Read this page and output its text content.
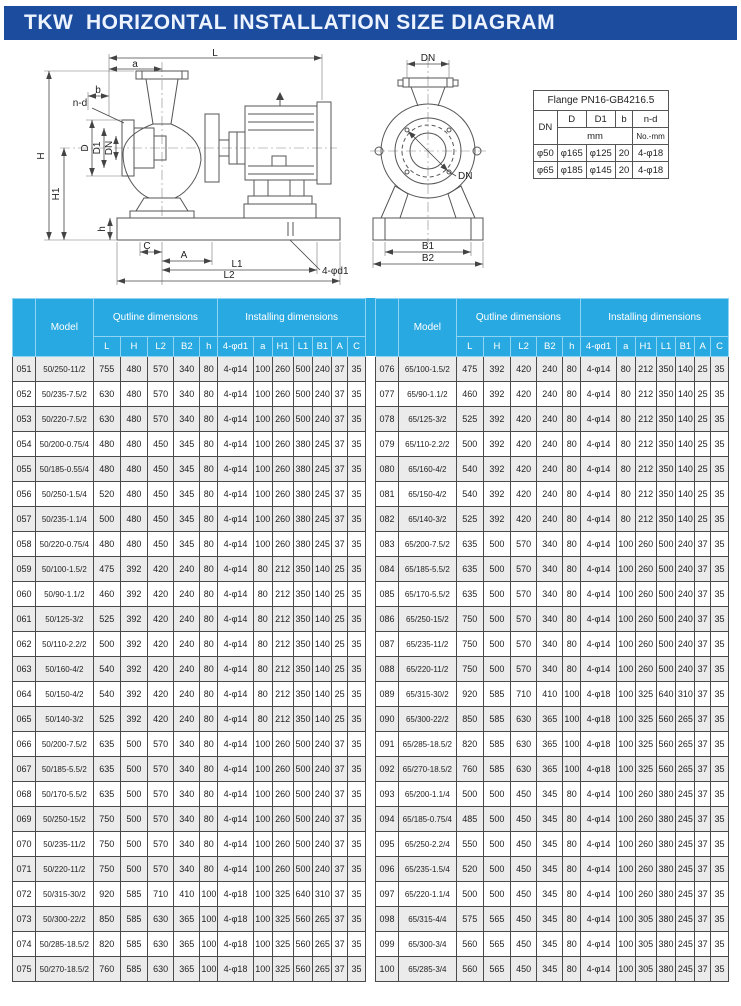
TKW  HORIZONTAL INSTALLATION SIZE DIAGRAM
L
a
b
n-d
H
H1
D D1 DN
h
C
A
L1
L2	4-φd1
DN
DN
B1
B2
Flange PN16-GB4216.5				
DN	D	D1	b	n-d
	mm			No.-mm
φ50	φ165	φ125	20	4-φ18
φ65	φ185	φ145	20	4-φ18
	Model	Qutline dimensions					Installing dimensions						
		L	H	L2	B2	h	4-φd1	a	H1	L1	B1	A	C
051	50/250-11/2	755	480	570	340	80	4-φ14	100	260	500	240	37	35
052	50/235-7.5/2	630	480	570	340	80	4-φ14	100	260	500	240	37	35
053	50/220-7.5/2	630	480	570	340	80	4-φ14	100	260	500	240	37	35
054	50/200-0.75/4	480	480	450	345	80	4-φ14	100	260	380	245	37	35
055	50/185-0.55/4	480	480	450	345	80	4-φ14	100	260	380	245	37	35
056	50/250-1.5/4	520	480	450	345	80	4-φ14	100	260	380	245	37	35
057	50/235-1.1/4	500	480	450	345	80	4-φ14	100	260	380	245	37	35
058	50/220-0.75/4	480	480	450	345	80	4-φ14	100	260	380	245	37	35
059	50/100-1.5/2	475	392	420	240	80	4-φ14	80	212	350	140	25	35
060	50/90-1.1/2	460	392	420	240	80	4-φ14	80	212	350	140	25	35
061	50/125-3/2	525	392	420	240	80	4-φ14	80	212	350	140	25	35
062	50/110-2.2/2	500	392	420	240	80	4-φ14	80	212	350	140	25	35
063	50/160-4/2	540	392	420	240	80	4-φ14	80	212	350	140	25	35
064	50/150-4/2	540	392	420	240	80	4-φ14	80	212	350	140	25	35
065	50/140-3/2	525	392	420	240	80	4-φ14	80	212	350	140	25	35
066	50/200-7.5/2	635	500	570	340	80	4-φ14	100	260	500	240	37	35
067	50/185-5.5/2	635	500	570	340	80	4-φ14	100	260	500	240	37	35
068	50/170-5.5/2	635	500	570	340	80	4-φ14	100	260	500	240	37	35
069	50/250-15/2	750	500	570	340	80	4-φ14	100	260	500	240	37	35
070	50/235-11/2	750	500	570	340	80	4-φ14	100	260	500	240	37	35
071	50/220-11/2	750	500	570	340	80	4-φ14	100	260	500	240	37	35
072	50/315-30/2	920	585	710	410	100	4-φ18	100	325	640	310	37	35
073	50/300-22/2	850	585	630	365	100	4-φ18	100	325	560	265	37	35
074	50/285-18.5/2	820	585	630	365	100	4-φ18	100	325	560	265	37	35
075	50/270-18.5/2	760	585	630	365	100	4-φ18	100	325	560	265	37	35
	Model	Qutline dimensions					Installing dimensions						
		L	H	L2	B2	h	4-φd1	a	H1	L1	B1	A	C
076	65/100-1.5/2	475	392	420	240	80	4-φ14	80	212	350	140	25	35
077	65/90-1.1/2	460	392	420	240	80	4-φ14	80	212	350	140	25	35
078	65/125-3/2	525	392	420	240	80	4-φ14	80	212	350	140	25	35
079	65/110-2.2/2	500	392	420	240	80	4-φ14	80	212	350	140	25	35
080	65/160-4/2	540	392	420	240	80	4-φ14	80	212	350	140	25	35
081	65/150-4/2	540	392	420	240	80	4-φ14	80	212	350	140	25	35
082	65/140-3/2	525	392	420	240	80	4-φ14	80	212	350	140	25	35
083	65/200-7.5/2	635	500	570	340	80	4-φ14	100	260	500	240	37	35
084	65/185-5.5/2	635	500	570	340	80	4-φ14	100	260	500	240	37	35
085	65/170-5.5/2	635	500	570	340	80	4-φ14	100	260	500	240	37	35
086	65/250-15/2	750	500	570	340	80	4-φ14	100	260	500	240	37	35
087	65/235-11/2	750	500	570	340	80	4-φ14	100	260	500	240	37	35
088	65/220-11/2	750	500	570	340	80	4-φ14	100	260	500	240	37	35
089	65/315-30/2	920	585	710	410	100	4-φ18	100	325	640	310	37	35
090	65/300-22/2	850	585	630	365	100	4-φ18	100	325	560	265	37	35
091	65/285-18.5/2	820	585	630	365	100	4-φ18	100	325	560	265	37	35
092	65/270-18.5/2	760	585	630	365	100	4-φ18	100	325	560	265	37	35
093	65/200-1.1/4	500	500	450	345	80	4-φ14	100	260	380	245	37	35
094	65/185-0.75/4	485	500	450	345	80	4-φ14	100	260	380	245	37	35
095	65/250-2.2/4	550	500	450	345	80	4-φ14	100	260	380	245	37	35
096	65/235-1.5/4	520	500	450	345	80	4-φ14	100	260	380	245	37	35
097	65/220-1.1/4	500	500	450	345	80	4-φ14	100	260	380	245	37	35
098	65/315-4/4	575	565	450	345	80	4-φ14	100	305	380	245	37	35
099	65/300-3/4	560	565	450	345	80	4-φ14	100	305	380	245	37	35
100	65/285-3/4	560	565	450	345	80	4-φ14	100	305	380	245	37	35
